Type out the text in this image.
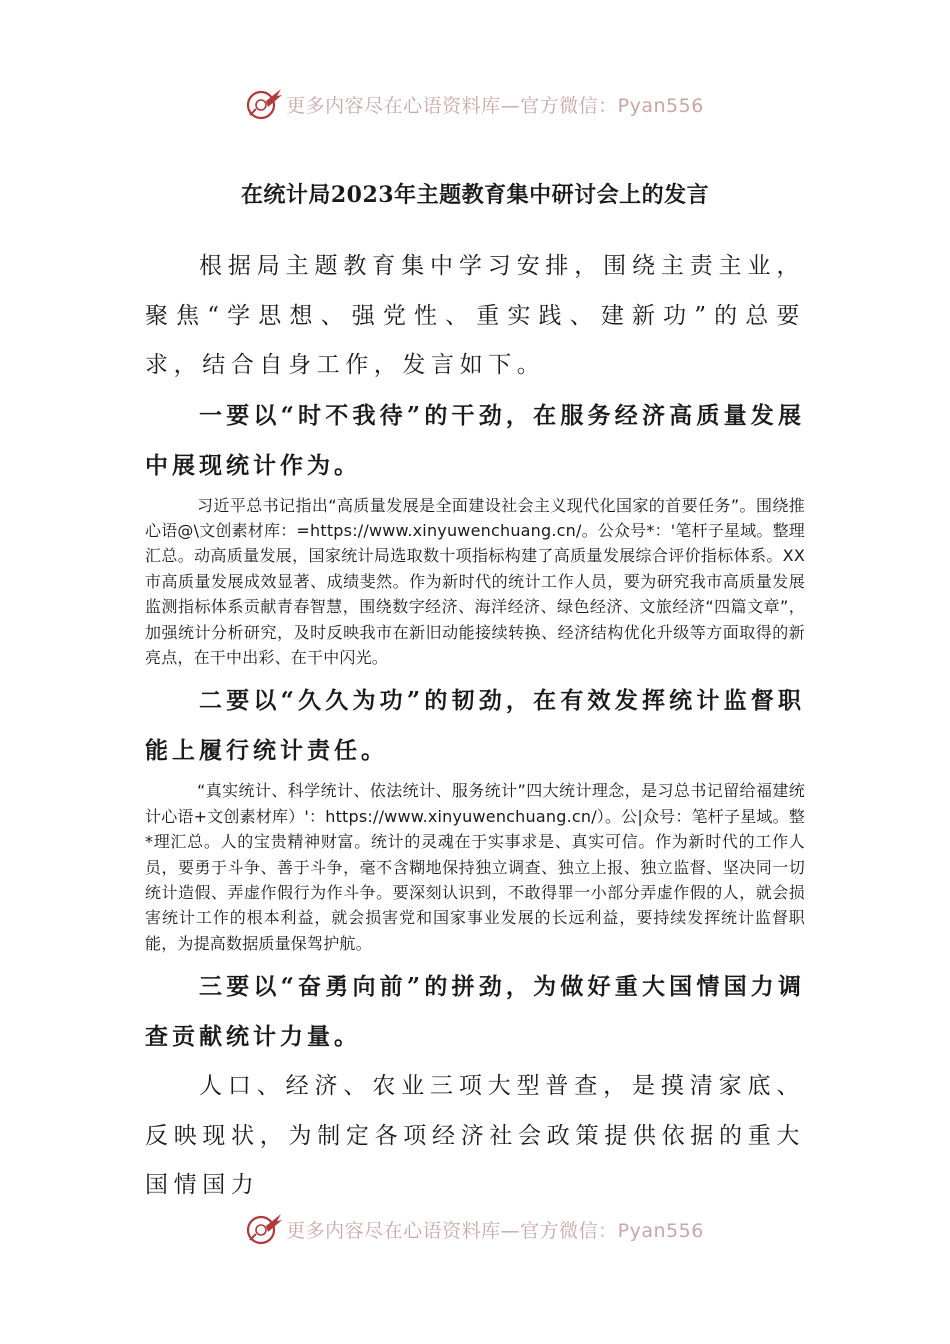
更多内容尽在心语资料库—官方微信：Pyan556
在统计局2023年主题教育集中研讨会上的发言

根据局主题教育集中学习安排，围绕主责主业，聚焦“学思想、强党性、重实践、建新功”的总要求，结合自身工作，发言如下。

一要以“时不我待”的干劲，在服务经济高质量发展中展现统计作为。

习近平总书记指出“高质量发展是全面建设社会主义现代化国家的首要任务”。围绕推心语@\文创素材库：=https://www.xinyuwenchuang.cn/。公众号*：'笔杆子星域。整理汇总。动高质量发展，国家统计局选取数十项指标构建了高质量发展综合评价指标体系。XX市高质量发展成效显著、成绩斐然。作为新时代的统计工作人员，要为研究我市高质量发展监测指标体系贡献青春智慧，围绕数字经济、海洋经济、绿色经济、文旅经济“四篇文章”，加强统计分析研究，及时反映我市在新旧动能接续转换、经济结构优化升级等方面取得的新亮点，在干中出彩、在干中闪光。

二要以“久久为功”的韧劲，在有效发挥统计监督职能上履行统计责任。

“真实统计、科学统计、依法统计、服务统计”四大统计理念，是习总书记留给福建统计心语+文创素材库）'：https://www.xinyuwenchuang.cn/）。公|众号：笔杆子星域。整*理汇总。人的宝贵精神财富。统计的灵魂在于实事求是、真实可信。作为新时代的工作人员，要勇于斗争、善于斗争，毫不含糊地保持独立调查、独立上报、独立监督、坚决同一切统计造假、弄虚作假行为作斗争。要深刻认识到，不敢得罪一小部分弄虚作假的人，就会损害统计工作的根本利益，就会损害党和国家事业发展的长远利益，要持续发挥统计监督职能，为提高数据质量保驾护航。

三要以“奋勇向前”的拼劲，为做好重大国情国力调查贡献统计力量。

人口、经济、农业三项大型普查，是摸清家底、反映现状，为制定各项经济社会政策提供依据的重大国情国力

更多内容尽在心语资料库—官方微信：Pyan556
